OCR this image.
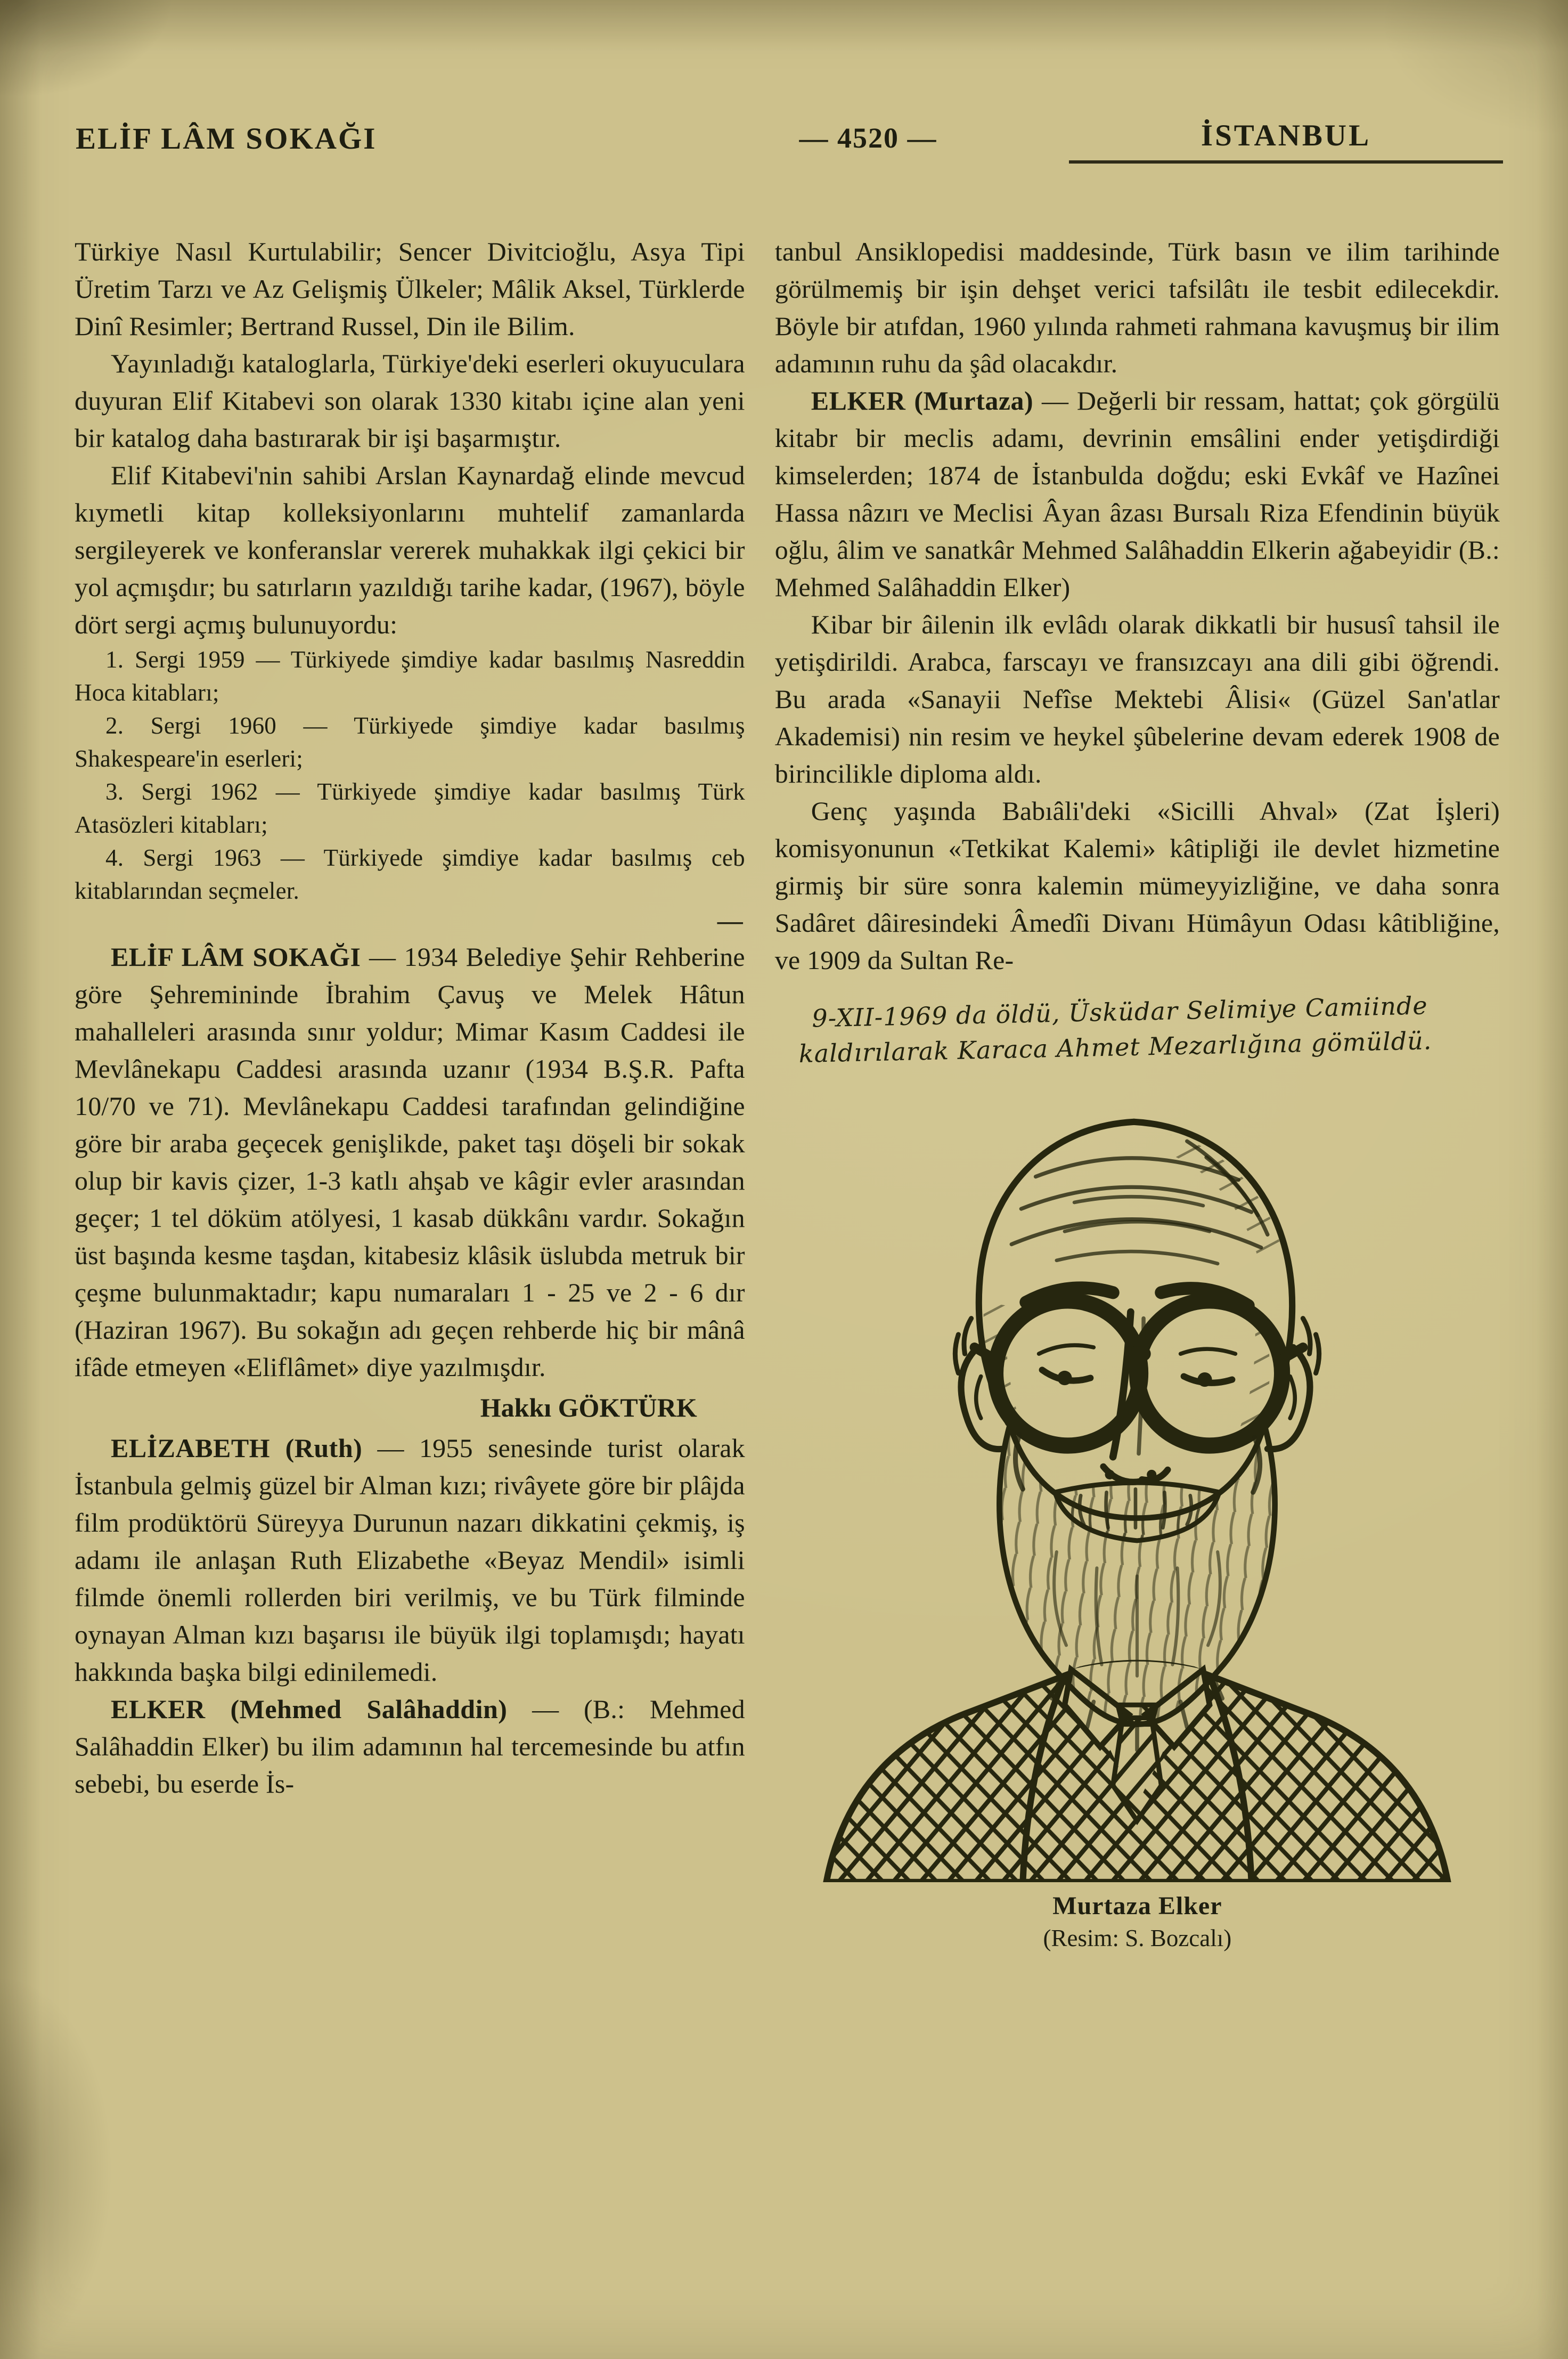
ELİF LÂM SOKAĞI	— 4520 —	İSTANBUL

Türkiye Nasıl Kurtulabilir; Sencer Divitcioğlu, Asya Tipi Üretim Tarzı ve Az Gelişmiş Ülkeler; Mâlik Aksel, Türklerde Dinî Resimler; Bertrand Russel, Din ile Bilim.

Yayınladığı kataloglarla, Türkiye'deki eserleri okuyuculara duyuran Elif Kitabevi son olarak 1330 kitabı içine alan yeni bir katalog daha bastırarak bir işi başarmıştır.

Elif Kitabevi'nin sahibi Arslan Kaynardağ elinde mevcud kıymetli kitap kolleksiyonlarını muhtelif zamanlarda sergileyerek ve konferanslar vererek muhakkak ilgi çekici bir yol açmışdır; bu satırların yazıldığı tarihe kadar, (1967), böyle dört sergi açmış bulunuyordu:

1. Sergi 1959 — Türkiyede şimdiye kadar basılmış Nasreddin Hoca kitabları;

2. Sergi 1960 — Türkiyede şimdiye kadar basılmış Shakespeare'in eserleri;

3. Sergi 1962 — Türkiyede şimdiye kadar basılmış Türk Atasözleri kitabları;

4. Sergi 1963 — Türkiyede şimdiye kadar basılmış ceb kitablarından seçmeler.

—

ELİF LÂM SOKAĞI — 1934 Belediye Şehir Rehberine göre Şehremininde İbrahim Çavuş ve Melek Hâtun mahalleleri arasında sınır yoldur; Mimar Kasım Caddesi ile Mevlânekapu Caddesi arasında uzanır (1934 B.Ş.R. Pafta 10/70 ve 71). Mevlânekapu Caddesi tarafından gelindiğine göre bir araba geçecek genişlikde, paket taşı döşeli bir sokak olup bir kavis çizer, 1-3 katlı ahşab ve kâgir evler arasından geçer; 1 tel döküm atölyesi, 1 kasab dükkânı vardır. Sokağın üst başında kesme taşdan, kitabesiz klâsik üslubda metruk bir çeşme bulunmaktadır; kapu numaraları 1 - 25 ve 2 - 6 dır (Haziran 1967). Bu sokağın adı geçen rehberde hiç bir mânâ ifâde etmeyen «Eliflâmet» diye yazılmışdır.

Hakkı GÖKTÜRK

ELİZABETH (Ruth) — 1955 senesinde turist olarak İstanbula gelmiş güzel bir Alman kızı; rivâyete göre bir plâjda film prodüktörü Süreyya Durunun nazarı dikkatini çekmiş, iş adamı ile anlaşan Ruth Elizabethe «Beyaz Mendil» isimli filmde önemli rollerden biri verilmiş, ve bu Türk filminde oynayan Alman kızı başarısı ile büyük ilgi toplamışdı; hayatı hakkında başka bilgi edinilemedi.

ELKER (Mehmed Salâhaddin) — (B.: Mehmed Salâhaddin Elker) bu ilim adamının hal tercemesinde bu atfın sebebi, bu eserde İs-

tanbul Ansiklopedisi maddesinde, Türk basın ve ilim tarihinde görülmemiş bir işin dehşet verici tafsilâtı ile tesbit edilecekdir. Böyle bir atıfdan, 1960 yılında rahmeti rahmana kavuşmuş bir ilim adamının ruhu da şâd olacakdır.

ELKER (Murtaza) — Değerli bir ressam, hattat; çok görgülü kitabr bir meclis adamı, devrinin emsâlini ender yetişdirdiği kimselerden; 1874 de İstanbulda doğdu; eski Evkâf ve Hazînei Hassa nâzırı ve Meclisi Âyan âzası Bursalı Riza Efendinin büyük oğlu, âlim ve sanatkâr Mehmed Salâhaddin Elkerin ağabeyidir (B.: Mehmed Salâhaddin Elker)

Kibar bir âilenin ilk evlâdı olarak dikkatli bir hususî tahsil ile yetişdirildi. Arabca, farscayı ve fransızcayı ana dili gibi öğrendi. Bu arada «Sanayii Nefîse Mektebi Âlisi« (Güzel San'atlar Akademisi) nin resim ve heykel şûbelerine devam ederek 1908 de birincilikle diploma aldı.

Genç yaşında Babıâli'deki «Sicilli Ahval» (Zat İşleri) komisyonunun «Tetkikat Kalemi» kâtipliği ile devlet hizmetine girmiş bir süre sonra kalemin mümeyyizliğine, ve daha sonra Sadâret dâiresindeki Âmedîi Divanı Hümâyun Odası kâtibliğine, ve 1909 da Sultan Re-

9-XII-1969 da öldü, Üsküdar Selimiye Camiinde
kaldırılarak Karaca Ahmet Mezarlığına gömüldü.
Murtaza Elker
(Resim: S. Bozcalı)
